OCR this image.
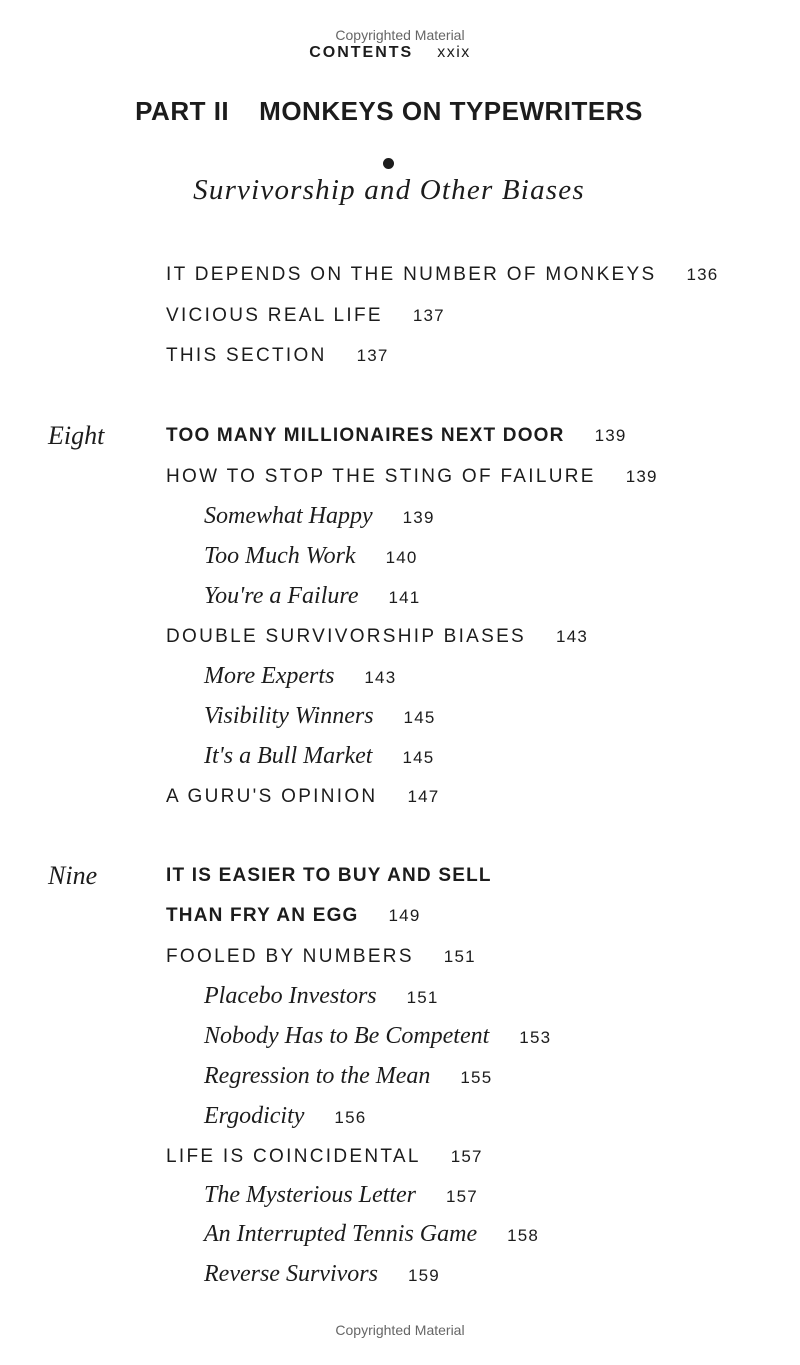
Copyrighted Material
CONTENTS xxix
PART II MONKEYS ON TYPEWRITERS
Survivorship and Other Biases
IT DEPENDS ON THE NUMBER OF MONKEYS 136
VICIOUS REAL LIFE 137
THIS SECTION 137
Eight	TOO MANY MILLIONAIRES NEXT DOOR 139
HOW TO STOP THE STING OF FAILURE 139
Somewhat Happy 139
Too Much Work 140
You're a Failure 141
DOUBLE SURVIVORSHIP BIASES 143
More Experts 143
Visibility Winners 145
It's a Bull Market 145
A GURU'S OPINION 147
Nine	IT IS EASIER TO BUY AND SELL
THAN FRY AN EGG 149
FOOLED BY NUMBERS 151
Placebo Investors 151
Nobody Has to Be Competent 153
Regression to the Mean 155
Ergodicity 156
LIFE IS COINCIDENTAL 157
The Mysterious Letter 157
An Interrupted Tennis Game 158
Reverse Survivors 159
Copyrighted Material
